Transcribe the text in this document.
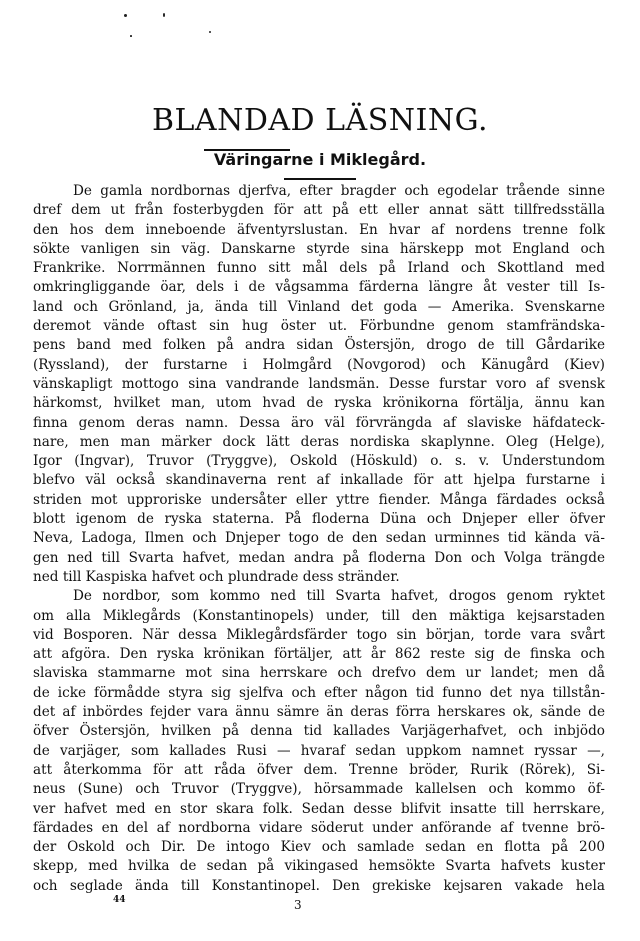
BLANDAD LÄSNING.
Väringarne i Miklegård.
De gamla nordbornas djerfva, efter bragder och egodelar trående sinne
dref dem ut från fosterbygden för att på ett eller annat sätt tillfredsställa
den hos dem inneboende äfventyrslustan. En hvar af nordens trenne folk
sökte vanligen sin väg. Danskarne styrde sina härskepp mot England och
Frankrike. Norrmännen funno sitt mål dels på Irland och Skottland med
omkringliggande öar, dels i de vågsamma färderna längre åt vester till Is-
land och Grönland, ja, ända till Vinland det goda — Amerika. Svenskarne
deremot vände oftast sin hug öster ut. Förbundne genom stamfrändska-
pens band med folken på andra sidan Östersjön, drogo de till Gårdarike
(Ryssland), der furstarne i Holmgård (Novgorod) och Känugård (Kiev)
vänskapligt mottogo sina vandrande landsmän. Desse furstar voro af svensk
härkomst, hvilket man, utom hvad de ryska krönikorna förtälja, ännu kan
finna genom deras namn. Dessa äro väl förvrängda af slaviske häfdateck-
nare, men man märker dock lätt deras nordiska skaplynne. Oleg (Helge),
Igor (Ingvar), Truvor (Tryggve), Oskold (Höskuld) o. s. v. Understundom
blefvo väl också skandinaverna rent af inkallade för att hjelpa furstarne i
striden mot upproriske undersåter eller yttre fiender. Många färdades också
blott igenom de ryska staterna. På floderna Düna och Dnjeper eller öfver
Neva, Ladoga, Ilmen och Dnjeper togo de den sedan urminnes tid kända vä-
gen ned till Svarta hafvet, medan andra på floderna Don och Volga trängde
ned till Kaspiska hafvet och plundrade dess stränder.
De nordbor, som kommo ned till Svarta hafvet, drogos genom ryktet
om alla Miklegårds (Konstantinopels) under, till den mäktiga kejsarstaden
vid Bosporen. När dessa Miklegårdsfärder togo sin början, torde vara svårt
att afgöra. Den ryska krönikan förtäljer, att år 862 reste sig de finska och
slaviska stammarne mot sina herrskare och drefvo dem ur landet; men då
de icke förmådde styra sig sjelfva och efter någon tid funno det nya tillstån-
det af inbördes fejder vara ännu sämre än deras förra herskares ok, sände de
öfver Östersjön, hvilken på denna tid kallades Varjägerhafvet, och inbjödo
de varjäger, som kallades Rusi — hvaraf sedan uppkom namnet ryssar —,
att återkomma för att råda öfver dem. Trenne bröder, Rurik (Rörek), Si-
neus (Sune) och Truvor (Tryggve), hörsammade kallelsen och kommo öf-
ver hafvet med en stor skara folk. Sedan desse blifvit insatte till herrskare,
färdades en del af nordborna vidare söderut under anförande af tvenne brö-
der Oskold och Dir. De intogo Kiev och samlade sedan en flotta på 200
skepp, med hvilka de sedan på vikingased hemsökte Svarta hafvets kuster
och seglade ända till Konstantinopel. Den grekiske kejsaren vakade hela
44	3
